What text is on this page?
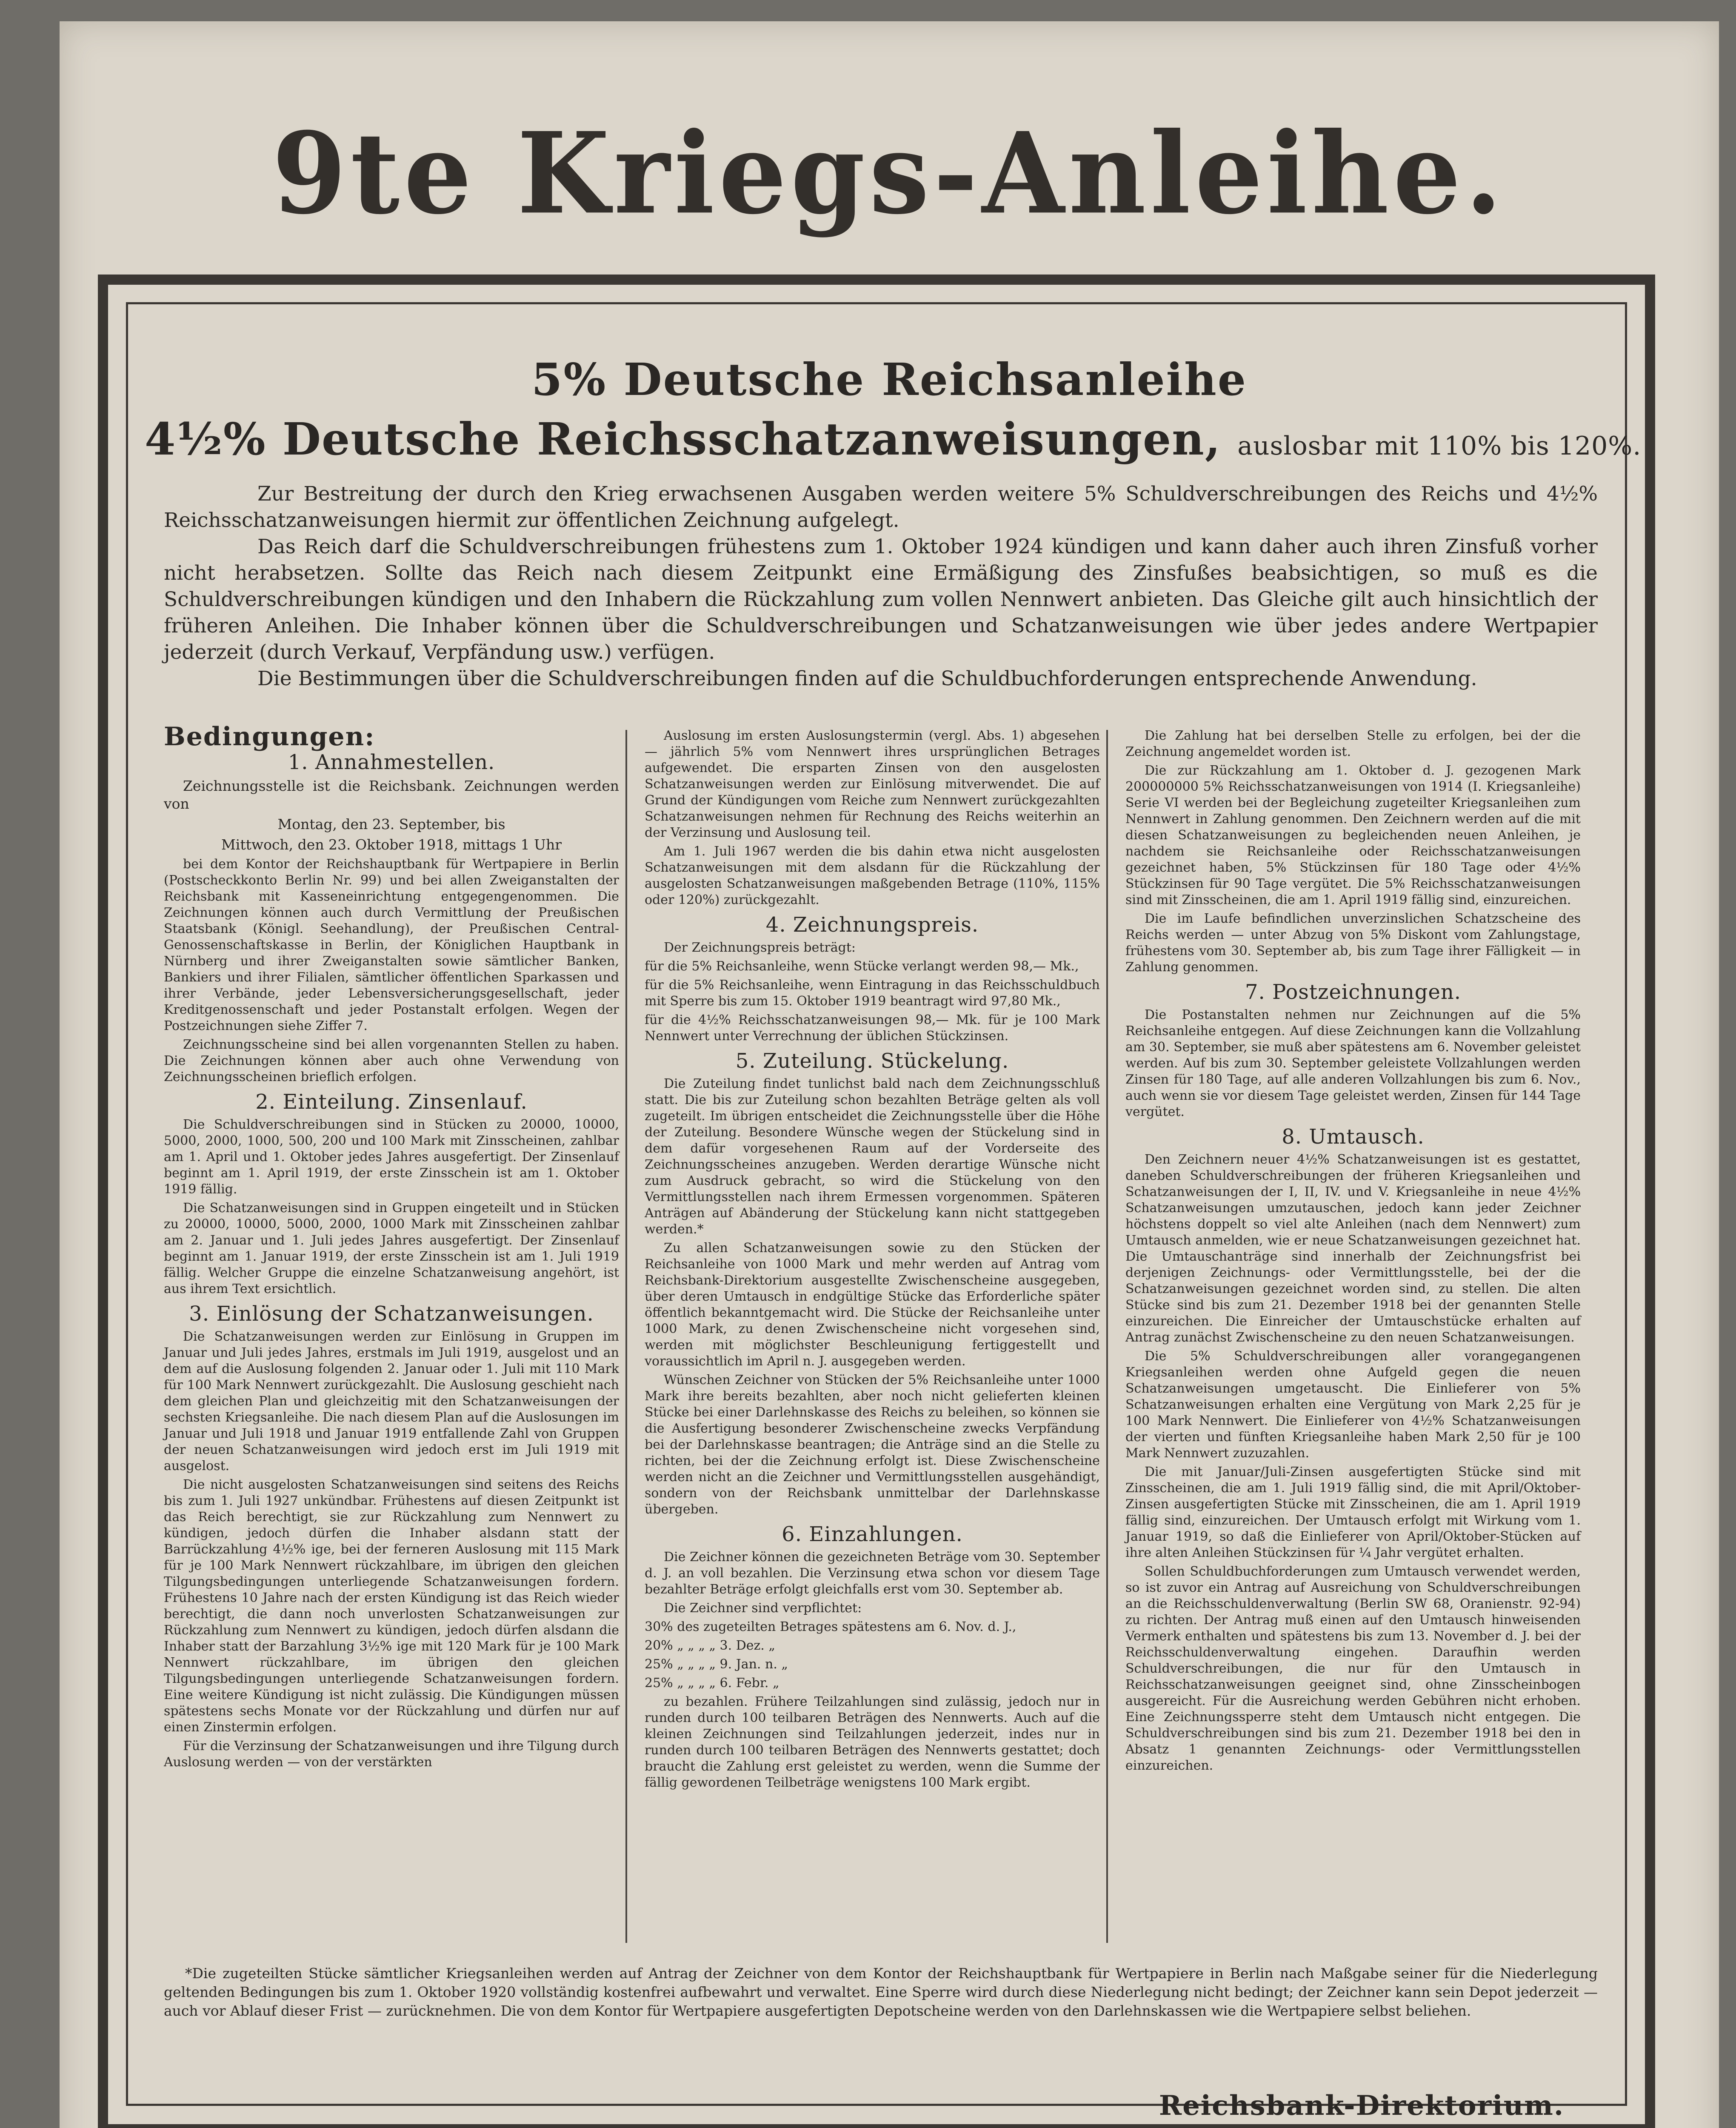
9te Kriegs-Anleihe.
5% Deutsche Reichsanleihe
4½% Deutsche Reichsschatzanweisungen, auslosbar mit 110% bis 120%.

Zur Bestreitung der durch den Krieg erwachsenen Ausgaben werden weitere 5% Schuldverschreibungen des Reichs und 4½% Reichsschatzanweisungen hiermit zur öffentlichen Zeichnung aufgelegt.

Das Reich darf die Schuldverschreibungen frühestens zum 1. Oktober 1924 kündigen und kann daher auch ihren Zinsfuß vorher nicht herabsetzen. Sollte das Reich nach diesem Zeitpunkt eine Ermäßigung des Zinsfußes beabsichtigen, so muß es die Schuldverschreibungen kündigen und den Inhabern die Rückzahlung zum vollen Nennwert anbieten. Das Gleiche gilt auch hinsichtlich der früheren Anleihen. Die Inhaber können über die Schuldverschreibungen und Schatzanweisungen wie über jedes andere Wertpapier jederzeit (durch Verkauf, Verpfändung usw.) verfügen.

Die Bestimmungen über die Schuldverschreibungen finden auf die Schuldbuchforderungen entsprechende Anwendung.

Bedingungen:
1. Annahmestellen.

Zeichnungsstelle ist die Reichsbank. Zeichnungen werden von

Montag, den 23. September, bis

Mittwoch, den 23. Oktober 1918, mittags 1 Uhr

bei dem Kontor der Reichshauptbank für Wertpapiere in Berlin (Postscheckkonto Berlin Nr. 99) und bei allen Zweiganstalten der Reichsbank mit Kasseneinrichtung entgegengenommen. Die Zeichnungen können auch durch Vermittlung der Preußischen Staatsbank (Königl. Seehandlung), der Preußischen Central-Genossenschaftskasse in Berlin, der Königlichen Hauptbank in Nürnberg und ihrer Zweiganstalten sowie sämtlicher Banken, Bankiers und ihrer Filialen, sämtlicher öffentlichen Sparkassen und ihrer Verbände, jeder Lebensversicherungsgesellschaft, jeder Kreditgenossenschaft und jeder Postanstalt erfolgen. Wegen der Postzeichnungen siehe Ziffer 7.

Zeichnungsscheine sind bei allen vorgenannten Stellen zu haben. Die Zeichnungen können aber auch ohne Verwendung von Zeichnungsscheinen brieflich erfolgen.

2. Einteilung. Zinsenlauf.

Die Schuldverschreibungen sind in Stücken zu 20000, 10000, 5000, 2000, 1000, 500, 200 und 100 Mark mit Zinsscheinen, zahlbar am 1. April und 1. Oktober jedes Jahres ausgefertigt. Der Zinsenlauf beginnt am 1. April 1919, der erste Zinsschein ist am 1. Oktober 1919 fällig.

Die Schatzanweisungen sind in Gruppen eingeteilt und in Stücken zu 20000, 10000, 5000, 2000, 1000 Mark mit Zinsscheinen zahlbar am 2. Januar und 1. Juli jedes Jahres ausgefertigt. Der Zinsenlauf beginnt am 1. Januar 1919, der erste Zinsschein ist am 1. Juli 1919 fällig. Welcher Gruppe die einzelne Schatzanweisung angehört, ist aus ihrem Text ersichtlich.

3. Einlösung der Schatzanweisungen.

Die Schatzanweisungen werden zur Einlösung in Gruppen im Januar und Juli jedes Jahres, erstmals im Juli 1919, ausgelost und an dem auf die Auslosung folgenden 2. Januar oder 1. Juli mit 110 Mark für 100 Mark Nennwert zurückgezahlt. Die Auslosung geschieht nach dem gleichen Plan und gleichzeitig mit den Schatzanweisungen der sechsten Kriegsanleihe. Die nach diesem Plan auf die Auslosungen im Januar und Juli 1918 und Januar 1919 entfallende Zahl von Gruppen der neuen Schatzanweisungen wird jedoch erst im Juli 1919 mit ausgelost.

Die nicht ausgelosten Schatzanweisungen sind seitens des Reichs bis zum 1. Juli 1927 unkündbar. Frühestens auf diesen Zeitpunkt ist das Reich berechtigt, sie zur Rückzahlung zum Nennwert zu kündigen, jedoch dürfen die Inhaber alsdann statt der Barrückzahlung 4½% ige, bei der ferneren Auslosung mit 115 Mark für je 100 Mark Nennwert rückzahlbare, im übrigen den gleichen Tilgungsbedingungen unterliegende Schatzanweisungen fordern. Frühestens 10 Jahre nach der ersten Kündigung ist das Reich wieder berechtigt, die dann noch unverlosten Schatzanweisungen zur Rückzahlung zum Nennwert zu kündigen, jedoch dürfen alsdann die Inhaber statt der Barzahlung 3½% ige mit 120 Mark für je 100 Mark Nennwert rückzahlbare, im übrigen den gleichen Tilgungsbedingungen unterliegende Schatzanweisungen fordern. Eine weitere Kündigung ist nicht zulässig. Die Kündigungen müssen spätestens sechs Monate vor der Rückzahlung und dürfen nur auf einen Zinstermin erfolgen.

Für die Verzinsung der Schatzanweisungen und ihre Tilgung durch Auslosung werden — von der verstärkten

Auslosung im ersten Auslosungstermin (vergl. Abs. 1) abgesehen — jährlich 5% vom Nennwert ihres ursprünglichen Betrages aufgewendet. Die ersparten Zinsen von den ausgelosten Schatzanweisungen werden zur Einlösung mitverwendet. Die auf Grund der Kündigungen vom Reiche zum Nennwert zurückgezahlten Schatzanweisungen nehmen für Rechnung des Reichs weiterhin an der Verzinsung und Auslosung teil.

Am 1. Juli 1967 werden die bis dahin etwa nicht ausgelosten Schatzanweisungen mit dem alsdann für die Rückzahlung der ausgelosten Schatzanweisungen maßgebenden Betrage (110%, 115% oder 120%) zurückgezahlt.

4. Zeichnungspreis.

Der Zeichnungspreis beträgt:

für die 5% Reichsanleihe, wenn Stücke verlangt werden 98,— Mk.,

für die 5% Reichsanleihe, wenn Eintragung in das Reichsschuldbuch mit Sperre bis zum 15. Oktober 1919 beantragt wird 97,80 Mk.,

für die 4½% Reichsschatzanweisungen 98,— Mk. für je 100 Mark Nennwert unter Verrechnung der üblichen Stückzinsen.

5. Zuteilung. Stückelung.

Die Zuteilung findet tunlichst bald nach dem Zeichnungsschluß statt. Die bis zur Zuteilung schon bezahlten Beträge gelten als voll zugeteilt. Im übrigen entscheidet die Zeichnungsstelle über die Höhe der Zuteilung. Besondere Wünsche wegen der Stückelung sind in dem dafür vorgesehenen Raum auf der Vorderseite des Zeichnungsscheines anzugeben. Werden derartige Wünsche nicht zum Ausdruck gebracht, so wird die Stückelung von den Vermittlungsstellen nach ihrem Ermessen vorgenommen. Späteren Anträgen auf Abänderung der Stückelung kann nicht stattgegeben werden.*

Zu allen Schatzanweisungen sowie zu den Stücken der Reichsanleihe von 1000 Mark und mehr werden auf Antrag vom Reichsbank-Direktorium ausgestellte Zwischenscheine ausgegeben, über deren Umtausch in endgültige Stücke das Erforderliche später öffentlich bekanntgemacht wird. Die Stücke der Reichsanleihe unter 1000 Mark, zu denen Zwischenscheine nicht vorgesehen sind, werden mit möglichster Beschleunigung fertiggestellt und voraussichtlich im April n. J. ausgegeben werden.

Wünschen Zeichner von Stücken der 5% Reichsanleihe unter 1000 Mark ihre bereits bezahlten, aber noch nicht gelieferten kleinen Stücke bei einer Darlehnskasse des Reichs zu beleihen, so können sie die Ausfertigung besonderer Zwischenscheine zwecks Verpfändung bei der Darlehnskasse beantragen; die Anträge sind an die Stelle zu richten, bei der die Zeichnung erfolgt ist. Diese Zwischenscheine werden nicht an die Zeichner und Vermittlungsstellen ausgehändigt, sondern von der Reichsbank unmittelbar der Darlehnskasse übergeben.

6. Einzahlungen.

Die Zeichner können die gezeichneten Beträge vom 30. September d. J. an voll bezahlen. Die Verzinsung etwa schon vor diesem Tage bezahlter Beträge erfolgt gleichfalls erst vom 30. September ab.

Die Zeichner sind verpflichtet:

30% des zugeteilten Betrages spätestens am 6. Nov. d. J.,

20% „ „ „ „ 3. Dez. „

25% „ „ „ „ 9. Jan. n. „

25% „ „ „ „ 6. Febr. „

zu bezahlen. Frühere Teilzahlungen sind zulässig, jedoch nur in runden durch 100 teilbaren Beträgen des Nennwerts. Auch auf die kleinen Zeichnungen sind Teilzahlungen jederzeit, indes nur in runden durch 100 teilbaren Beträgen des Nennwerts gestattet; doch braucht die Zahlung erst geleistet zu werden, wenn die Summe der fällig gewordenen Teilbeträge wenigstens 100 Mark ergibt.

Die Zahlung hat bei derselben Stelle zu erfolgen, bei der die Zeichnung angemeldet worden ist.

Die zur Rückzahlung am 1. Oktober d. J. gezogenen Mark 200000000 5% Reichsschatzanweisungen von 1914 (I. Kriegsanleihe) Serie VI werden bei der Begleichung zugeteilter Kriegsanleihen zum Nennwert in Zahlung genommen. Den Zeichnern werden auf die mit diesen Schatzanweisungen zu begleichenden neuen Anleihen, je nachdem sie Reichsanleihe oder Reichsschatzanweisungen gezeichnet haben, 5% Stückzinsen für 180 Tage oder 4½% Stückzinsen für 90 Tage vergütet. Die 5% Reichsschatzanweisungen sind mit Zinsscheinen, die am 1. April 1919 fällig sind, einzureichen.

Die im Laufe befindlichen unverzinslichen Schatzscheine des Reichs werden — unter Abzug von 5% Diskont vom Zahlungstage, frühestens vom 30. September ab, bis zum Tage ihrer Fälligkeit — in Zahlung genommen.

7. Postzeichnungen.

Die Postanstalten nehmen nur Zeichnungen auf die 5% Reichsanleihe entgegen. Auf diese Zeichnungen kann die Vollzahlung am 30. September, sie muß aber spätestens am 6. November geleistet werden. Auf bis zum 30. September geleistete Vollzahlungen werden Zinsen für 180 Tage, auf alle anderen Vollzahlungen bis zum 6. Nov., auch wenn sie vor diesem Tage geleistet werden, Zinsen für 144 Tage vergütet.

8. Umtausch.

Den Zeichnern neuer 4½% Schatzanweisungen ist es gestattet, daneben Schuldverschreibungen der früheren Kriegsanleihen und Schatzanweisungen der I, II, IV. und V. Kriegsanleihe in neue 4½% Schatzanweisungen umzutauschen, jedoch kann jeder Zeichner höchstens doppelt so viel alte Anleihen (nach dem Nennwert) zum Umtausch anmelden, wie er neue Schatzanweisungen gezeichnet hat. Die Umtauschanträge sind innerhalb der Zeichnungsfrist bei derjenigen Zeichnungs- oder Vermittlungsstelle, bei der die Schatzanweisungen gezeichnet worden sind, zu stellen. Die alten Stücke sind bis zum 21. Dezember 1918 bei der genannten Stelle einzureichen. Die Einreicher der Umtauschstücke erhalten auf Antrag zunächst Zwischenscheine zu den neuen Schatzanweisungen.

Die 5% Schuldverschreibungen aller vorangegangenen Kriegsanleihen werden ohne Aufgeld gegen die neuen Schatzanweisungen umgetauscht. Die Einlieferer von 5% Schatzanweisungen erhalten eine Vergütung von Mark 2,25 für je 100 Mark Nennwert. Die Einlieferer von 4½% Schatzanweisungen der vierten und fünften Kriegsanleihe haben Mark 2,50 für je 100 Mark Nennwert zuzuzahlen.

Die mit Januar/Juli-Zinsen ausgefertigten Stücke sind mit Zinsscheinen, die am 1. Juli 1919 fällig sind, die mit April/Oktober-Zinsen ausgefertigten Stücke mit Zinsscheinen, die am 1. April 1919 fällig sind, einzureichen. Der Umtausch erfolgt mit Wirkung vom 1. Januar 1919, so daß die Einlieferer von April/Oktober-Stücken auf ihre alten Anleihen Stückzinsen für ¼ Jahr vergütet erhalten.

Sollen Schuldbuchforderungen zum Umtausch verwendet werden, so ist zuvor ein Antrag auf Ausreichung von Schuldverschreibungen an die Reichsschuldenverwaltung (Berlin SW 68, Oranienstr. 92-94) zu richten. Der Antrag muß einen auf den Umtausch hinweisenden Vermerk enthalten und spätestens bis zum 13. November d. J. bei der Reichsschuldenverwaltung eingehen. Daraufhin werden Schuldverschreibungen, die nur für den Umtausch in Reichsschatzanweisungen geeignet sind, ohne Zinsscheinbogen ausgereicht. Für die Ausreichung werden Gebühren nicht erhoben. Eine Zeichnungssperre steht dem Umtausch nicht entgegen. Die Schuldverschreibungen sind bis zum 21. Dezember 1918 bei den in Absatz 1 genannten Zeichnungs- oder Vermittlungsstellen einzureichen.

*Die zugeteilten Stücke sämtlicher Kriegsanleihen werden auf Antrag der Zeichner von dem Kontor der Reichshauptbank für Wertpapiere in Berlin nach Maßgabe seiner für die Niederlegung geltenden Bedingungen bis zum 1. Oktober 1920 vollständig kostenfrei aufbewahrt und verwaltet. Eine Sperre wird durch diese Niederlegung nicht bedingt; der Zeichner kann sein Depot jederzeit — auch vor Ablauf dieser Frist — zurücknehmen. Die von dem Kontor für Wertpapiere ausgefertigten Depotscheine werden von den Darlehnskassen wie die Wertpapiere selbst beliehen.

Reichsbank-Direktorium.
